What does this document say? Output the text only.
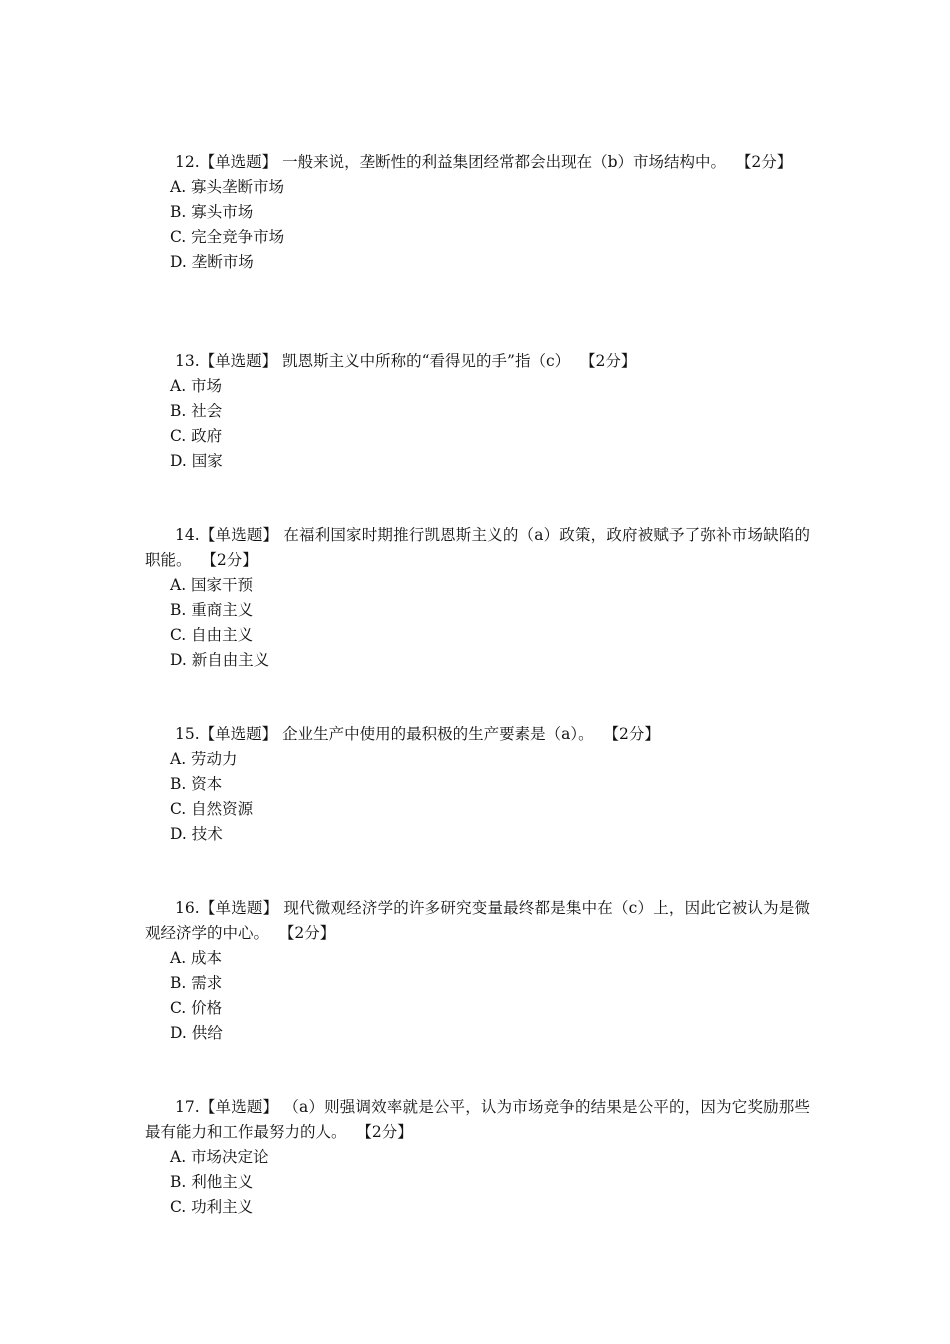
12.【单选题】 一般来说，垄断性的利益集团经常都会出现在（b）市场结构中。 【2分】

A. 寡头垄断市场
B. 寡头市场
C. 完全竞争市场
D. 垄断市场

13.【单选题】 凯恩斯主义中所称的“看得见的手”指（c） 【2分】

A. 市场
B. 社会
C. 政府
D. 国家

14.【单选题】 在福利国家时期推行凯恩斯主义的（a）政策，政府被赋予了弥补市场缺陷的职能。 【2分】

A. 国家干预
B. 重商主义
C. 自由主义
D. 新自由主义

15.【单选题】 企业生产中使用的最积极的生产要素是（a）。 【2分】

A. 劳动力
B. 资本
C. 自然资源
D. 技术

16.【单选题】 现代微观经济学的许多研究变量最终都是集中在（c）上，因此它被认为是微观经济学的中心。 【2分】

A. 成本
B. 需求
C. 价格
D. 供给

17.【单选题】 （a）则强调效率就是公平，认为市场竞争的结果是公平的，因为它奖励那些最有能力和工作最努力的人。 【2分】

A. 市场决定论
B. 利他主义
C. 功利主义
